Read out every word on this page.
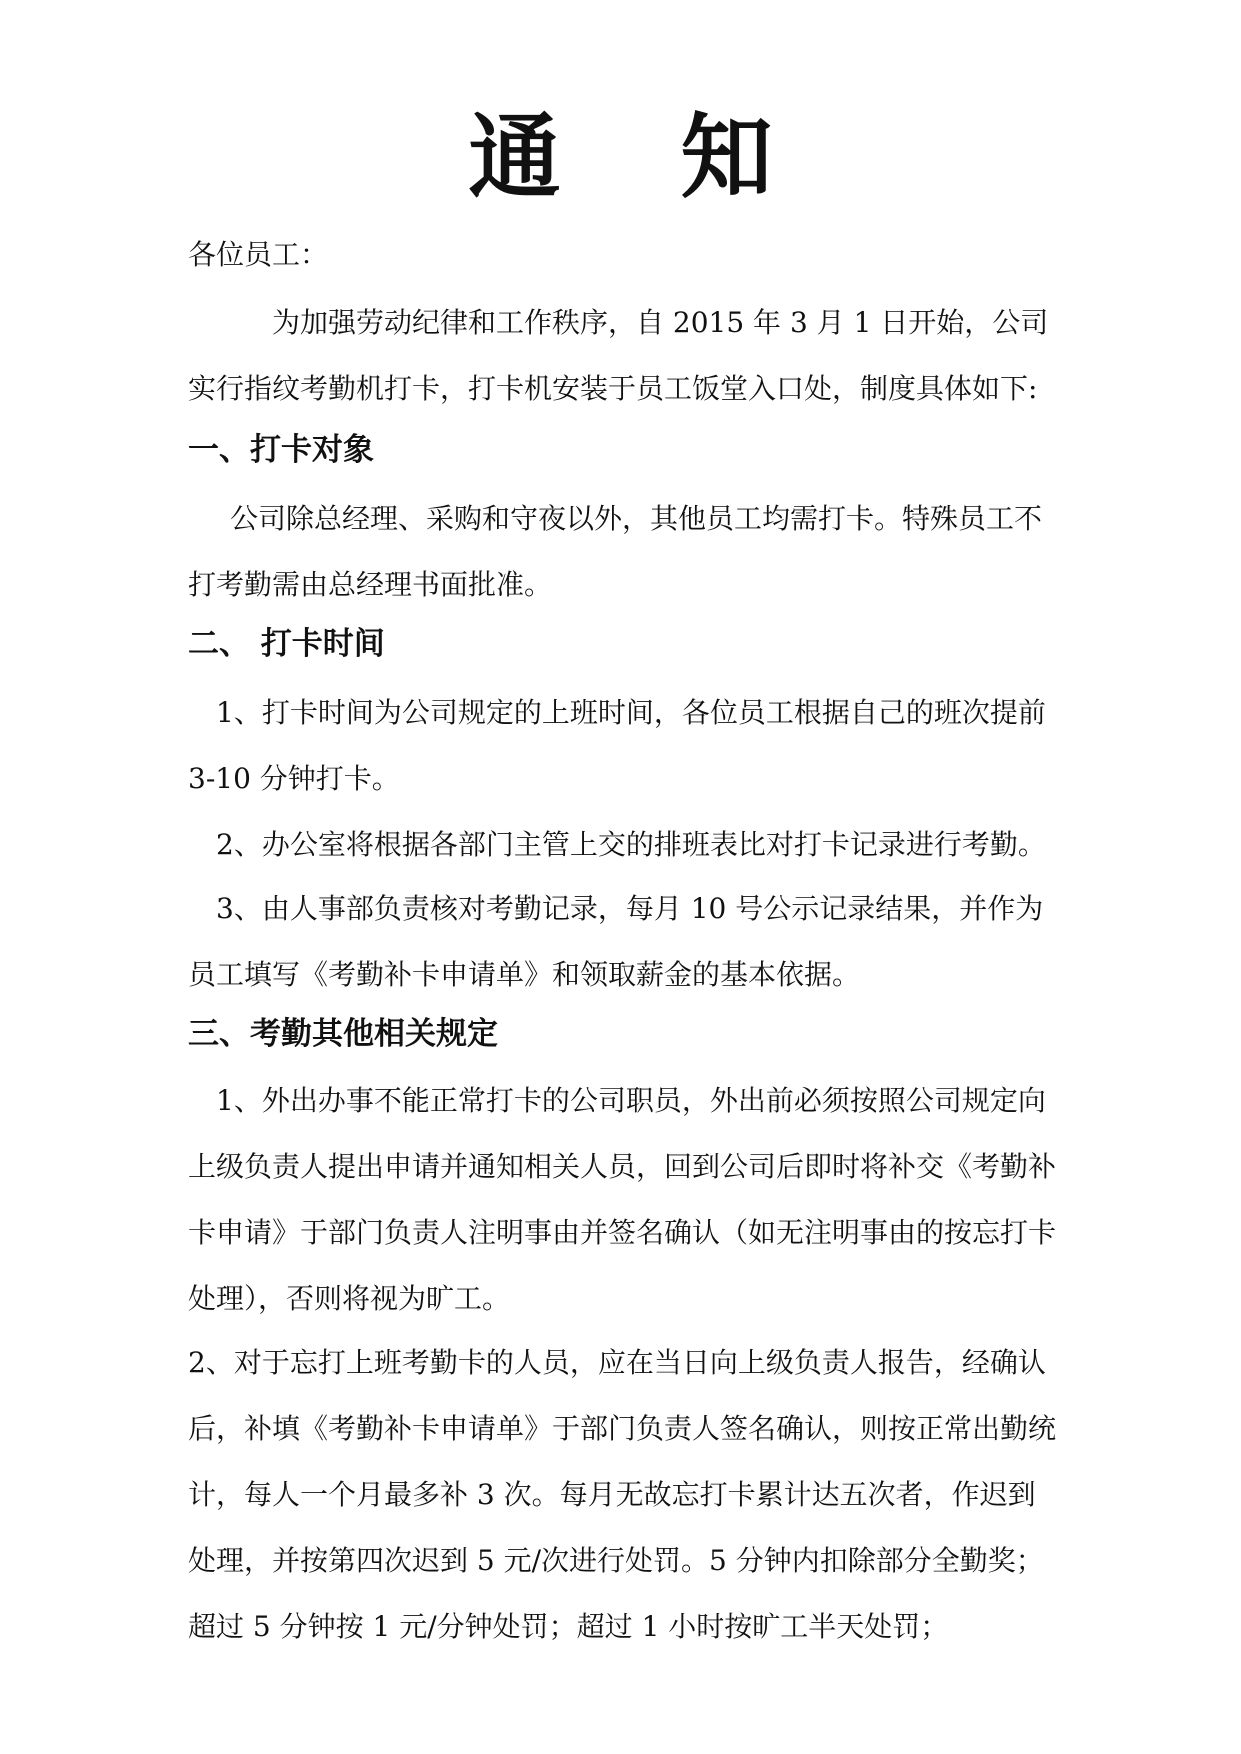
通 知

各位员工：

为加强劳动纪律和工作秩序，自 2015 年 3 月 1 日开始，公司实行指纹考勤机打卡，打卡机安装于员工饭堂入口处，制度具体如下:

一、打卡对象

公司除总经理、采购和守夜以外，其他员工均需打卡。特殊员工不打考勤需由总经理书面批准。

二、 打卡时间

1、打卡时间为公司规定的上班时间，各位员工根据自己的班次提前 3-10 分钟打卡。

2、办公室将根据各部门主管上交的排班表比对打卡记录进行考勤。

3、由人事部负责核对考勤记录，每月 10 号公示记录结果，并作为员工填写《考勤补卡申请单》和领取薪金的基本依据。

三、考勤其他相关规定

1、外出办事不能正常打卡的公司职员，外出前必须按照公司规定向上级负责人提出申请并通知相关人员，回到公司后即时将补交《考勤补卡申请》于部门负责人注明事由并签名确认（如无注明事由的按忘打卡处理），否则将视为旷工。

2、对于忘打上班考勤卡的人员，应在当日向上级负责人报告，经确认后，补填《考勤补卡申请单》于部门负责人签名确认，则按正常出勤统计，每人一个月最多补 3 次。每月无故忘打卡累计达五次者，作迟到处理，并按第四次迟到 5 元/次进行处罚。5 分钟内扣除部分全勤奖；超过 5 分钟按 1 元/分钟处罚；超过 1 小时按旷工半天处罚；
